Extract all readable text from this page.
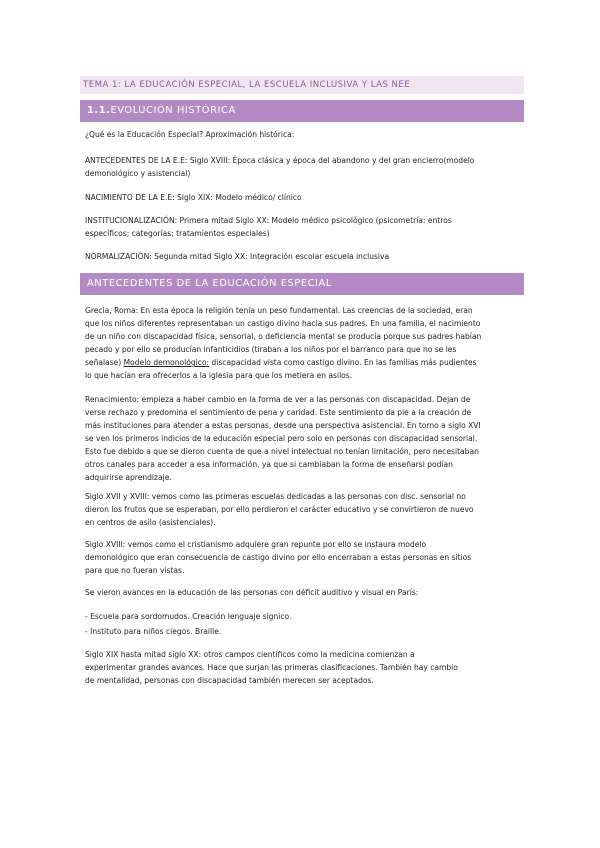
TEMA 1: LA EDUCACIÓN ESPECIAL, LA ESCUELA INCLUSIVA Y LAS NEE
1.1.EVOLUCIÓN HISTÓRICA
¿Qué es la Educación Especial? Aproximación histórica:
ANTECEDENTES DE LA E.E: Siglo XVIII: Época clásica y época del abandono y del gran encierro(modelo
demonológico y asistencial)
NACIMIENTO DE LA E.E: Siglo XIX: Modelo médico/ clínico
INSTITUCIONALIZACIÓN: Primera mitad Siglo XX: Modelo médico psicológico (psicometría: entros
específicos; categorías; tratamientos especiales)
NORMALIZACIÓN: Segunda mitad Siglo XX: Integración escolar escuela inclusiva
ANTECEDENTES DE LA EDUCACIÓN ESPECIAL
Grecia, Roma: En esta época la religión tenía un peso fundamental. Las creencias de la sociedad, eran
que los niños diferentes representaban un castigo divino hacia sus padres. En una familia, el nacimiento
de un niño con discapacidad física, sensorial, o deficiencia mental se producía porque sus padres habían
pecado y por ello se producían infanticidios (tiraban a los niños por el barranco para que no se les
señalase) Modelo demonológico: discapacidad vista como castigo divino. En las familias más pudientes
lo que hacían era ofrecerlos a la iglesia para que los metiera en asilos.
Renacimiento: empieza a haber cambio en la forma de ver a las personas con discapacidad. Dejan de
verse rechazo y predomina el sentimiento de pena y caridad. Este sentimiento da pie a la creación de
más instituciones para atender a estas personas, desde una perspectiva asistencial. En torno a siglo XVI
se ven los primeros indicios de la educación especial pero solo en personas con discapacidad sensorial.
Esto fue debido a que se dieron cuenta de que a nivel intelectual no tenían limitación, pero necesitaban
otros canales para acceder a esa información, ya que si cambiaban la forma de enseñarsi podían
adquirirse aprendizaje.
Siglo XVII y XVIII: vemos como las primeras escuelas dedicadas a las personas con disc. sensorial no
dieron los frutos que se esperaban, por ello perdieron el carácter educativo y se convirtieron de nuevo
en centros de asilo (asistenciales).
Siglo XVIII: vemos como el cristianismo adquiere gran repunte por ello se instaura modelo
demonológico que eran consecuencia de castigo divino por ello encerraban a estas personas en sitios
para que no fueran vistas.
Se vieron avances en la educación de las personas con déficit auditivo y visual en París:
- Escuela para sordomudos. Creación lenguaje signico.
- Instituto para niños ciegos. Braille.
Siglo XIX hasta mitad siglo XX: otros campos científicos como la medicina comienzan a
experimentar grandes avances. Hace que surjan las primeras clasificaciones. También hay cambio
de mentalidad, personas con discapacidad también merecen ser aceptados.
